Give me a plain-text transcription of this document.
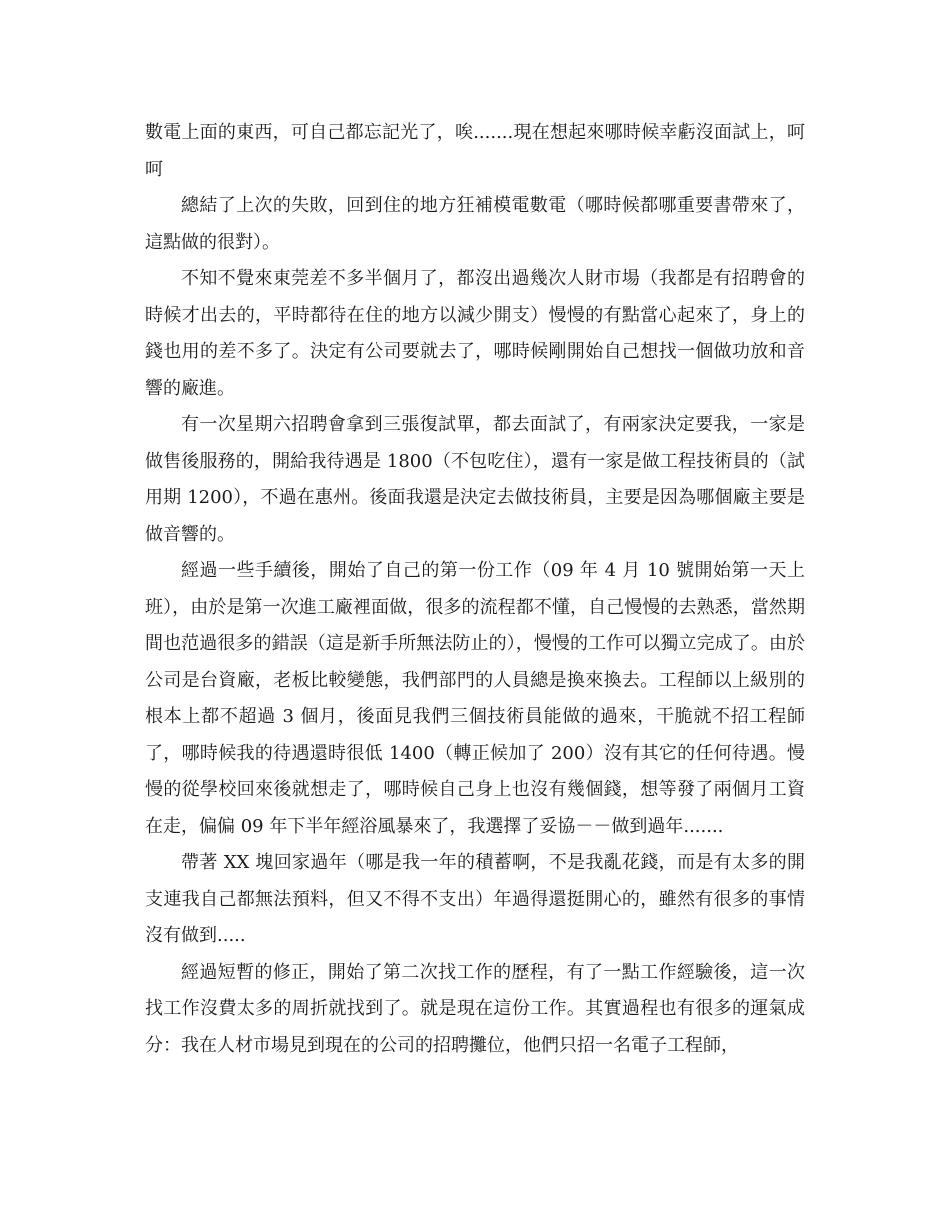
數電上面的東西，可自己都忘記光了，唉.......現在想起來哪時候幸虧沒面試上，呵呵

總結了上次的失敗，回到住的地方狂補模電數電（哪時候都哪重要書帶來了，這點做的很對）。

不知不覺來東莞差不多半個月了，都沒出過幾次人財市場（我都是有招聘會的時候才出去的，平時都待在住的地方以減少開支）慢慢的有點當心起來了，身上的錢也用的差不多了。決定有公司要就去了，哪時候剛開始自己想找一個做功放和音響的廠進。

有一次星期六招聘會拿到三張復試單，都去面試了，有兩家決定要我，一家是做售後服務的，開給我待遇是 1800（不包吃住），還有一家是做工程技術員的（試用期 1200），不過在惠州。後面我還是決定去做技術員，主要是因為哪個廠主要是做音響的。

經過一些手續後，開始了自己的第一份工作（09 年 4 月 10 號開始第一天上班），由於是第一次進工廠裡面做，很多的流程都不懂，自己慢慢的去熟悉，當然期間也范過很多的錯誤（這是新手所無法防止的），慢慢的工作可以獨立完成了。由於公司是台資廠，老板比較變態，我們部門的人員總是換來換去。工程師以上級別的根本上都不超過 3 個月，後面見我們三個技術員能做的過來，干脆就不招工程師了，哪時候我的待遇還時很低 1400（轉正候加了 200）沒有其它的任何待遇。慢慢的從學校回來後就想走了，哪時候自己身上也沒有幾個錢，想等發了兩個月工資在走，偏偏 09 年下半年經浴風暴來了，我選擇了妥協－－做到過年.......

帶著 XX 塊回家過年（哪是我一年的積蓄啊，不是我亂花錢，而是有太多的開支連我自己都無法預料，但又不得不支出）年過得還挺開心的，雖然有很多的事情沒有做到.....

經過短暫的修正，開始了第二次找工作的歷程，有了一點工作經驗後，這一次找工作沒費太多的周折就找到了。就是現在這份工作。其實過程也有很多的運氣成分：我在人材市場見到現在的公司的招聘攤位，他們只招一名電子工程師，
